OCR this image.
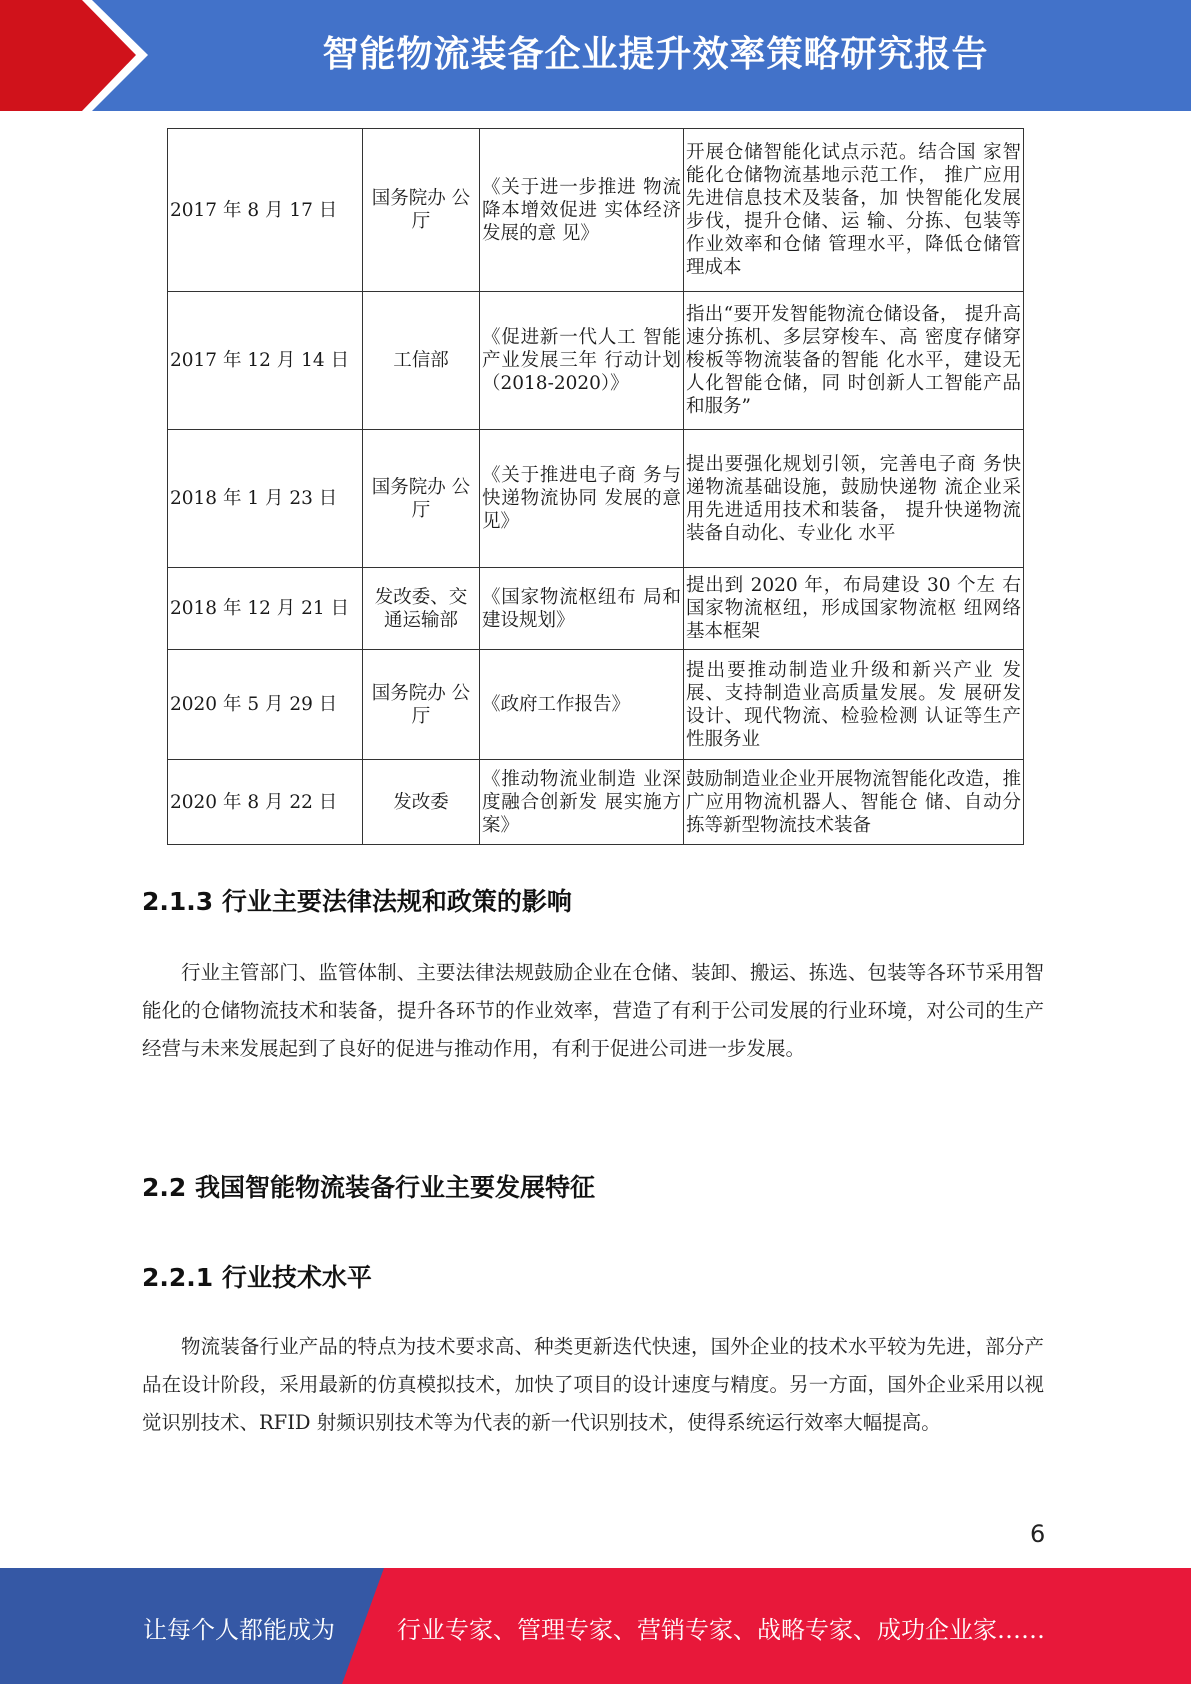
智能物流装备企业提升效率策略研究报告
2017 年 8 月 17 日	国务院办 公厅	《关于进一步推进 物流降本增效促进 实体经济发展的意 见》	开展仓储智能化试点示范。结合国 家智能化仓储物流基地示范工作， 推广应用先进信息技术及装备，加 快智能化发展步伐，提升仓储、运 输、分拣、包装等作业效率和仓储 管理水平，降低仓储管理成本
2017 年 12 月 14 日	工信部	《促进新一代人工 智能产业发展三年 行动计划 （2018-2020）》	指出“要开发智能物流仓储设备， 提升高速分拣机、多层穿梭车、高 密度存储穿梭板等物流装备的智能 化水平，建设无人化智能仓储，同 时创新人工智能产品和服务”
2018 年 1 月 23 日	国务院办 公厅	《关于推进电子商 务与快递物流协同 发展的意见》	提出要强化规划引领，完善电子商 务快递物流基础设施，鼓励快递物 流企业采用先进适用技术和装备， 提升快递物流装备自动化、专业化 水平
2018 年 12 月 21 日	发改委、交 通运输部	《国家物流枢纽布 局和建设规划》	提出到 2020 年，布局建设 30 个左 右国家物流枢纽，形成国家物流枢 纽网络基本框架
2020 年 5 月 29 日	国务院办 公厅	《政府工作报告》	提出要推动制造业升级和新兴产业 发展、支持制造业高质量发展。发 展研发设计、现代物流、检验检测 认证等生产性服务业
2020 年 8 月 22 日	发改委	《推动物流业制造 业深度融合创新发 展实施方案》	鼓励制造业企业开展物流智能化改造，推广应用物流机器人、智能仓 储、自动分拣等新型物流技术装备
2.1.3 行业主要法律法规和政策的影响
行业主管部门、监管体制、主要法律法规鼓励企业在仓储、装卸、搬运、拣选、包装等各环节采用智能化的仓储物流技术和装备，提升各环节的作业效率，营造了有利于公司发展的行业环境，对公司的生产经营与未来发展起到了良好的促进与推动作用，有利于促进公司进一步发展。
2.2 我国智能物流装备行业主要发展特征
2.2.1 行业技术水平
物流装备行业产品的特点为技术要求高、种类更新迭代快速，国外企业的技术水平较为先进，部分产品在设计阶段，采用最新的仿真模拟技术，加快了项目的设计速度与精度。另一方面，国外企业采用以视觉识别技术、RFID 射频识别技术等为代表的新一代识别技术，使得系统运行效率大幅提高。
6
让每个人都能成为	行业专家、管理专家、营销专家、战略专家、成功企业家……
